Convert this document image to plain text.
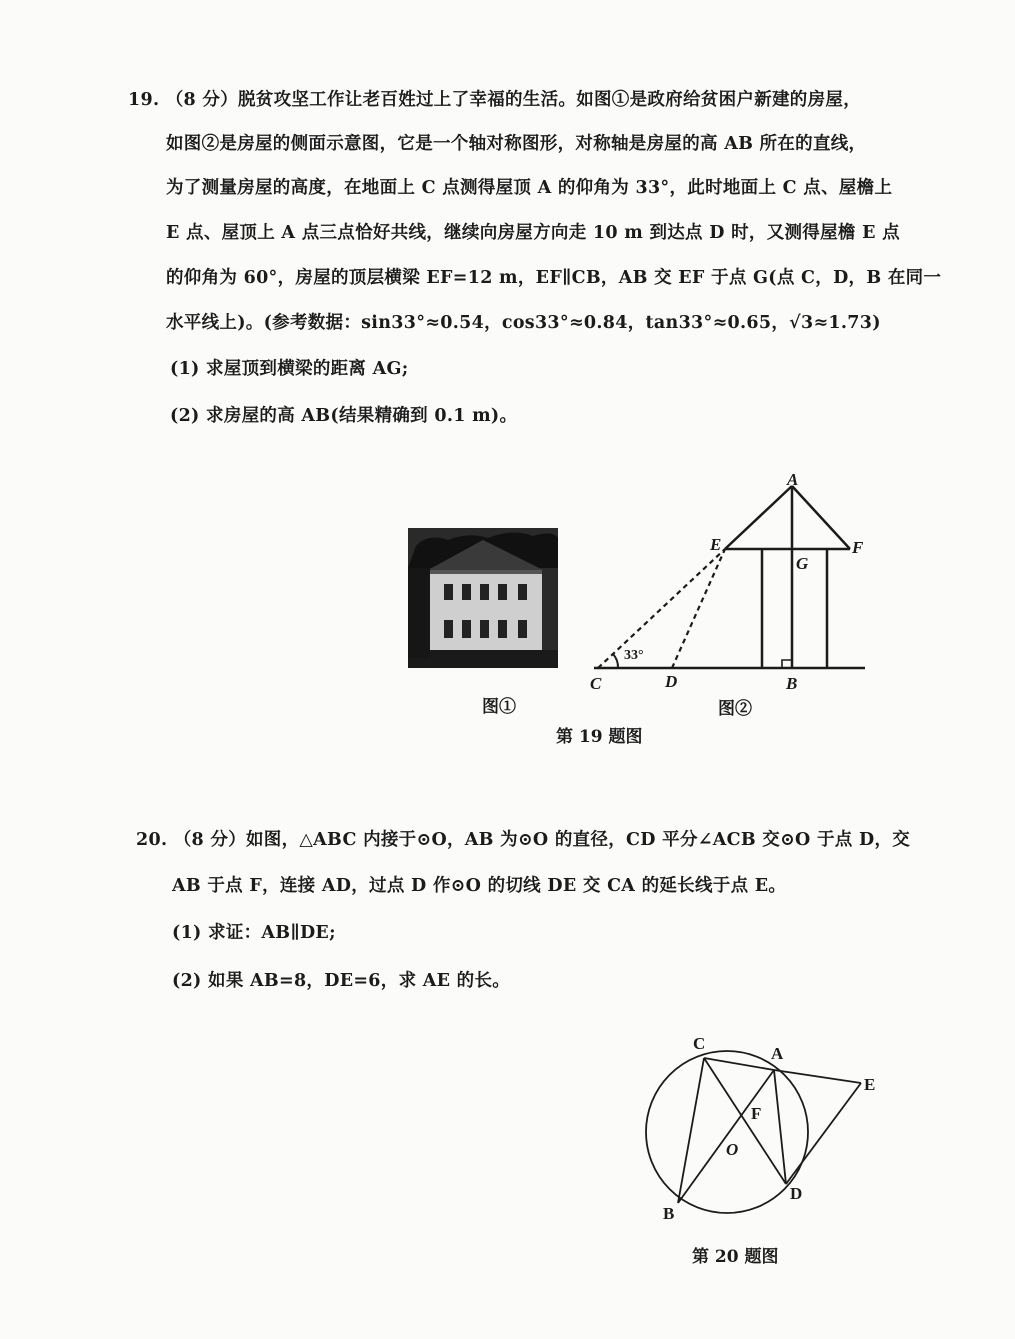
19. （8 分）脱贫攻坚工作让老百姓过上了幸福的生活。如图①是政府给贫困户新建的房屋，
如图②是房屋的侧面示意图，它是一个轴对称图形，对称轴是房屋的高 AB 所在的直线，
为了测量房屋的高度，在地面上 C 点测得屋顶 A 的仰角为 33°，此时地面上 C 点、屋檐上
E 点、屋顶上 A 点三点恰好共线，继续向房屋方向走 10 m 到达点 D 时，又测得屋檐 E 点
的仰角为 60°，房屋的顶层横梁 EF=12 m，EF∥CB，AB 交 EF 于点 G(点 C，D，B 在同一
水平线上)。(参考数据：sin33°≈0.54，cos33°≈0.84，tan33°≈0.65，√3≈1.73)
(1) 求屋顶到横梁的距离 AG;
(2) 求房屋的高 AB(结果精确到 0.1 m)。
图①
A
E	F
G
C	D	B
33°
图②
第 19 题图
20. （8 分）如图，△ABC 内接于⊙O，AB 为⊙O 的直径，CD 平分∠ACB 交⊙O 于点 D，交
AB 于点 F，连接 AD，过点 D 作⊙O 的切线 DE 交 CA 的延长线于点 E。
(1) 求证：AB∥DE;
(2) 如果 AB=8，DE=6，求 AE 的长。
C
A
E
F
O
D
B
第 20 题图
